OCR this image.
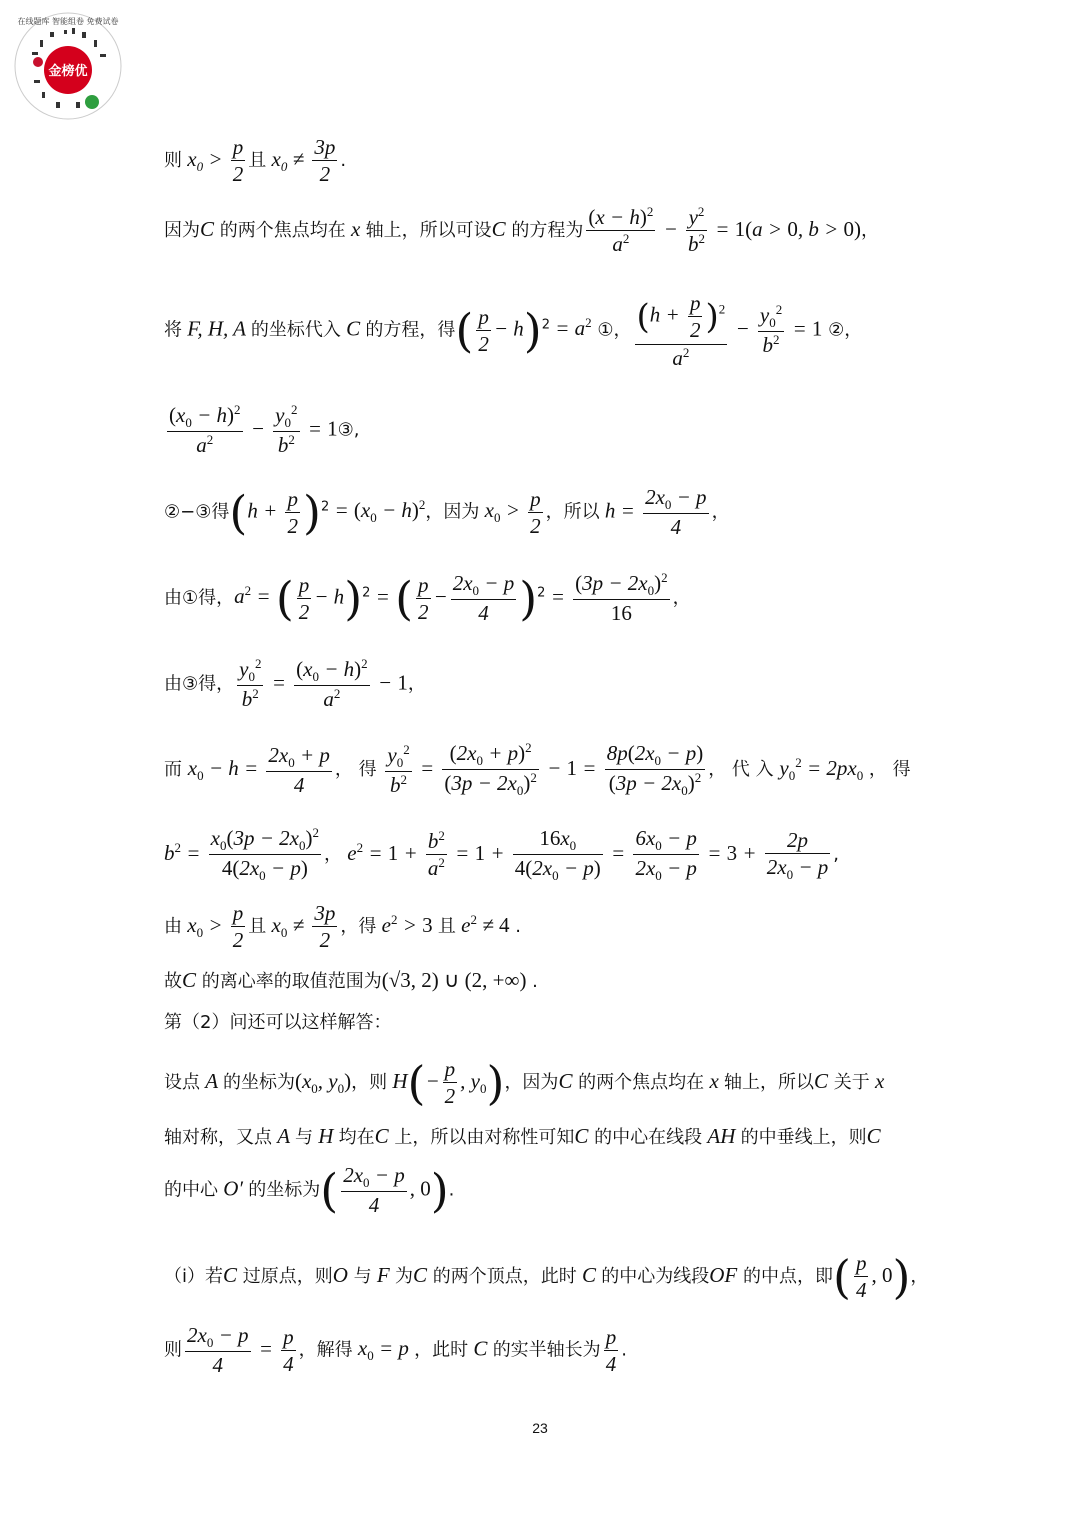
金榜优
在线题库 智能组卷 免费试卷
则 $x_0 > \frac{p}{2}$ 且 $x_0 \ne \frac{3p}{2}$ .
因为C 的两个焦点均在 x 轴上，所以可设C 的方程为 $\frac{(x - h)^2}{a^2} - \frac{y^2}{b^2} = 1(a > 0$, b > 0)，
将 F, H, A 的坐标代入 C 的方程，得( $\frac{p}{2} - h)^2 = a^2$ ①， $\frac{(h + \frac{p}{2} )^2}{a^2} - \frac{y_0^2}{b^2} = 1$ ②，
$\frac{(x_0 - h)^2}{a^2} - \frac{y_0^2}{b^2}$ = 1③,
②−③得$(h + \frac{p}{2} )^2 = (x_0 - h)^2$，因为 $x_0 > \frac{p}{2}$ ，所以 $h = \frac{2x_0 - p}{4}$ ，
由①得，$a^2$ = ( $\frac{p}{2} - h)^2$ = ( $\frac{p}{2} - \frac{2x_0 - p}{4} )^2 = \frac{(3p - 2x_0)^2}{16}$ ，
由③得， $\frac{y_0^2}{b^2} = \frac{(x_0 - h)^2}{a^2} - 1$，
而 $x_0 - h = \frac{2x_0 + p}{4}$ ， 得 $\frac{y_0^2}{b^2} = \frac{(2x_0 + p)^2}{(3p - 2x_0)^2} - 1 = \frac{8p(2x_0 - p)}{(3p - 2x_0)^2}$ ， 代 入 $y_0^2 = 2px_0$ ， 得
$b^2 = \frac{x_0(3p - 2x_0)^2}{4(2x_0 - p)}$ ， $e^2 = 1 + \frac{b^2}{a^2} = 1 + \frac{16x_0}{4(2x_0 - p)} = \frac{6x_0 - p}{2x_0 - p} = 3 + \frac{2p}{2x_0 - p}$ ,
由 $x_0 > \frac{p}{2}$ 且 $x_0 \ne \frac{3p}{2}$ ，得 $e^2 > 3$ 且 $e^2 \ne 4$ .
故C 的离心率的取值范围为(√3, 2) ∪ (2, +∞) .
第（2）问还可以这样解答：
设点 A 的坐标为($x_0$, $y_0$)，则 $H(- \frac{p}{2}$ , $y_0$)，因为C 的两个焦点均在 x 轴上，所以C 关于 x
轴对称，又点 A 与 H 均在C 上，所以由对称性可知C 的中心在线段 AH 的中垂线上，则C
的中心 O′ 的坐标为( $\frac{2x_0 - p}{4}$ , 0).
（i）若C 过原点，则O 与 F 为C 的两个顶点，此时 C 的中心为线段OF 的中点，即( $\frac{p}{4}$ , 0)，
则 $\frac{2x_0 - p}{4} = \frac{p}{4}$ ，解得 $x_0 = p$ ，此时 C 的实半轴长为 $\frac{p}{4}$ .
23
